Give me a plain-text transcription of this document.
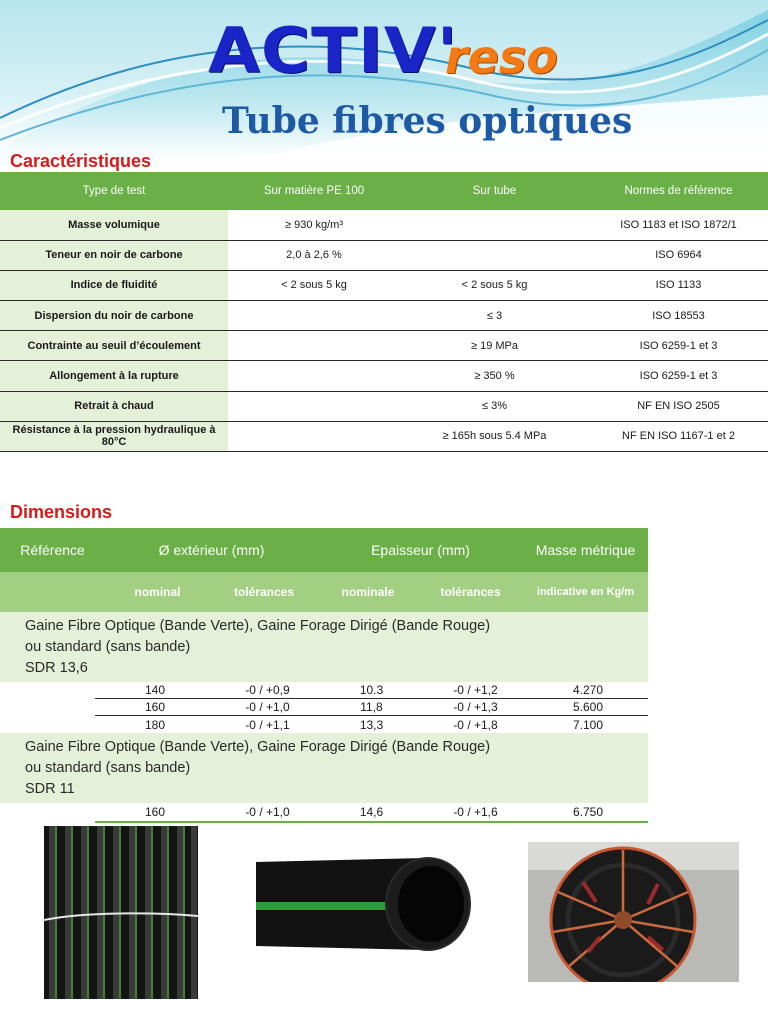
ACTIV'
reso
Tube fibres optiques
Caractéristiques
Type de test	Sur matière PE 100	Sur tube	Normes de référence
Masse volumique	≥ 930 kg/m³		ISO 1183 et ISO 1872/1
Teneur en noir de carbone	2,0 à 2,6 %		ISO 6964
Indice de fluidité	< 2 sous 5 kg	< 2 sous 5 kg	ISO 1133
Dispersion du noir de carbone		≤ 3	ISO 18553
Contrainte au seuil d’écoulement		≥ 19 MPa	ISO 6259-1 et 3
Allongement à la rupture		≥ 350 %	ISO 6259-1 et 3
Retrait à chaud		≤ 3%	NF EN ISO 2505
Résistance à la pression hydraulique à 80°C		≥ 165h sous 5.4 MPa	NF EN ISO 1167-1 et 2
Dimensions
Référence	Ø extérieur (mm)	Epaisseur (mm)	Masse métrique
nominal	tolérances	nominale	tolérances	indicative en Kg/m
Gaine Fibre Optique (Bande Verte), Gaine Forage Dirigé (Bande Rouge)
ou standard (sans bande)
SDR 13,6
140	-0 / +0,9	10.3	-0 / +1,2	4.270
160	-0 / +1,0	11,8	-0 / +1,3	5.600
180	-0 / +1,1	13,3	-0 / +1,8	7.100
Gaine Fibre Optique (Bande Verte), Gaine Forage Dirigé (Bande Rouge)
ou standard (sans bande)
SDR 11
160	-0 / +1,0	14,6	-0 / +1,6	6.750
